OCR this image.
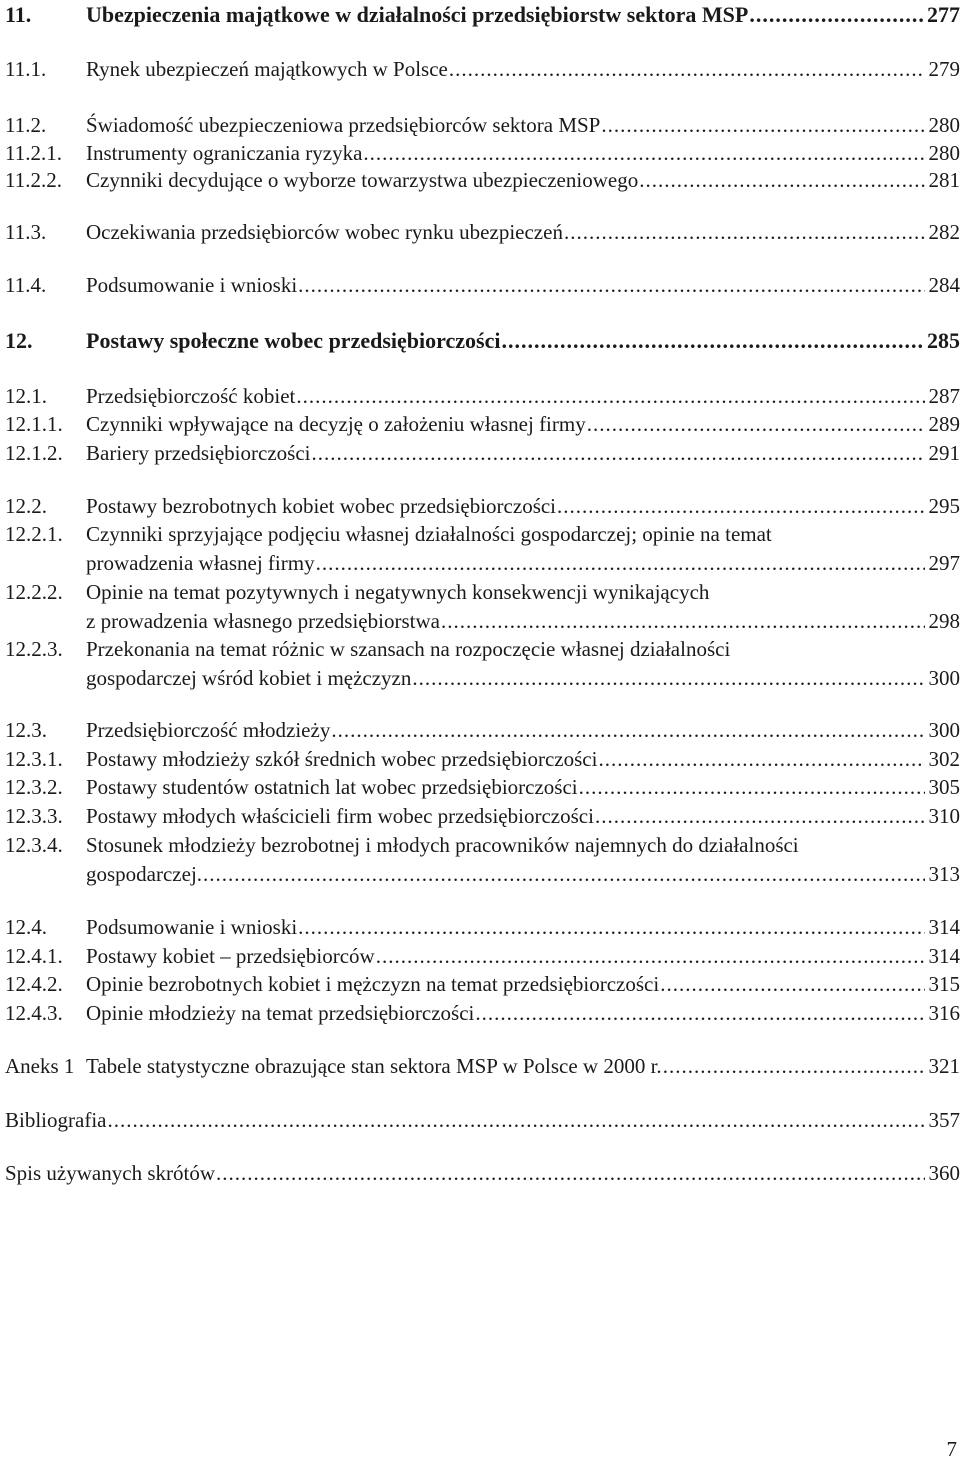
11. Ubezpieczenia majątkowe w działalności przedsiębiorstw sektora MSP .....	277
11.1. Rynek ubezpieczeń majątkowych w Polsce .....	279
11.2. Świadomość ubezpieczeniowa przedsiębiorców sektora MSP .....	280
11.2.1. Instrumenty ograniczania ryzyka .....	280
11.2.2. Czynniki decydujące o wyborze towarzystwa ubezpieczeniowego .....	281
11.3. Oczekiwania przedsiębiorców wobec rynku ubezpieczeń .....	282
11.4. Podsumowanie i wnioski .....	284
12. Postawy społeczne wobec przedsiębiorczości .....	285
12.1. Przedsiębiorczość kobiet .....	287
12.1.1. Czynniki wpływające na decyzję o założeniu własnej firmy .....	289
12.1.2. Bariery przedsiębiorczości .....	291
12.2. Postawy bezrobotnych kobiet wobec przedsiębiorczości .....	295
12.2.1. Czynniki sprzyjające podjęciu własnej działalności gospodarczej; opinie na temat
prowadzenia własnej firmy .....	297
12.2.2. Opinie na temat pozytywnych i negatywnych konsekwencji wynikających
z prowadzenia własnego przedsiębiorstwa .....	298
12.2.3. Przekonania na temat różnic w szansach na rozpoczęcie własnej działalności
gospodarczej wśród kobiet i mężczyzn .....	300
12.3. Przedsiębiorczość młodzieży .....	300
12.3.1. Postawy młodzieży szkół średnich wobec przedsiębiorczości .....	302
12.3.2. Postawy studentów ostatnich lat wobec przedsiębiorczości .....	305
12.3.3. Postawy młodych właścicieli firm wobec przedsiębiorczości .....	310
12.3.4. Stosunek młodzieży bezrobotnej i młodych pracowników najemnych do działalności
gospodarczej. .....	313
12.4. Podsumowanie i wnioski .....	314
12.4.1. Postawy kobiet – przedsiębiorców .....	314
12.4.2. Opinie bezrobotnych kobiet i mężczyzn na temat przedsiębiorczości .....	315
12.4.3. Opinie młodzieży na temat przedsiębiorczości .....	316
Aneks 1 Tabele statystyczne obrazujące stan sektora MSP w Polsce w 2000 r. .....	321
Bibliografia .....	357
Spis używanych skrótów .....	360
7
